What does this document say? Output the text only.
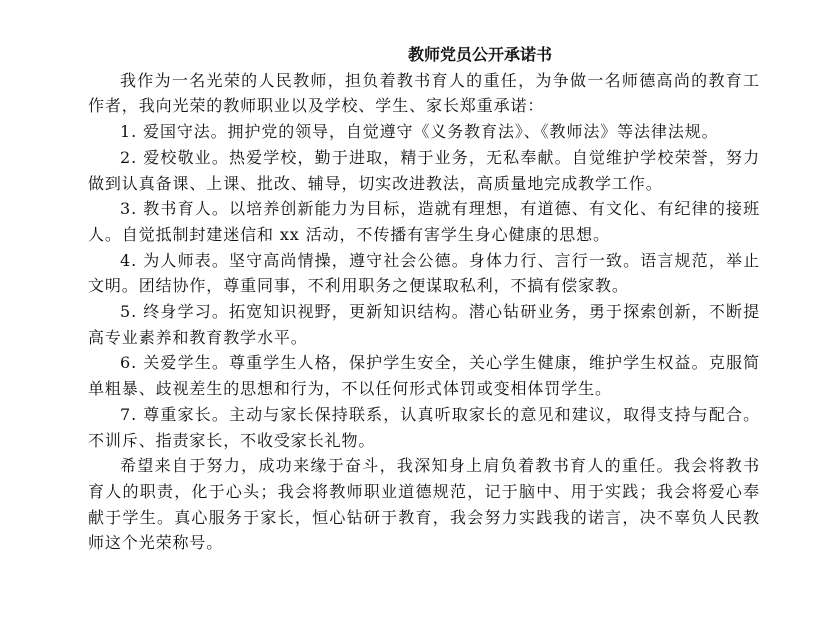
教师党员公开承诺书

我作为一名光荣的人民教师，担负着教书育人的重任，为争做一名师德高尚的教育工作者，我向光荣的教师职业以及学校、学生、家长郑重承诺：

1. 爱国守法。拥护党的领导，自觉遵守《义务教育法》、《教师法》等法律法规。

2. 爱校敬业。热爱学校，勤于进取，精于业务，无私奉献。自觉维护学校荣誉，努力做到认真备课、上课、批改、辅导，切实改进教法，高质量地完成教学工作。

3. 教书育人。以培养创新能力为目标，造就有理想，有道德、有文化、有纪律的接班人。自觉抵制封建迷信和 xx 活动，不传播有害学生身心健康的思想。

4. 为人师表。坚守高尚情操，遵守社会公德。身体力行、言行一致。语言规范，举止文明。团结协作，尊重同事，不利用职务之便谋取私利，不搞有偿家教。

5. 终身学习。拓宽知识视野，更新知识结构。潜心钻研业务，勇于探索创新，不断提高专业素养和教育教学水平。

6. 关爱学生。尊重学生人格，保护学生安全，关心学生健康，维护学生权益。克服简单粗暴、歧视差生的思想和行为，不以任何形式体罚或变相体罚学生。

7. 尊重家长。主动与家长保持联系，认真听取家长的意见和建议，取得支持与配合。不训斥、指责家长，不收受家长礼物。

希望来自于努力，成功来缘于奋斗，我深知身上肩负着教书育人的重任。我会将教书育人的职责，化于心头；我会将教师职业道德规范，记于脑中、用于实践；我会将爱心奉献于学生。真心服务于家长，恒心钻研于教育，我会努力实践我的诺言，决不辜负人民教师这个光荣称号。
